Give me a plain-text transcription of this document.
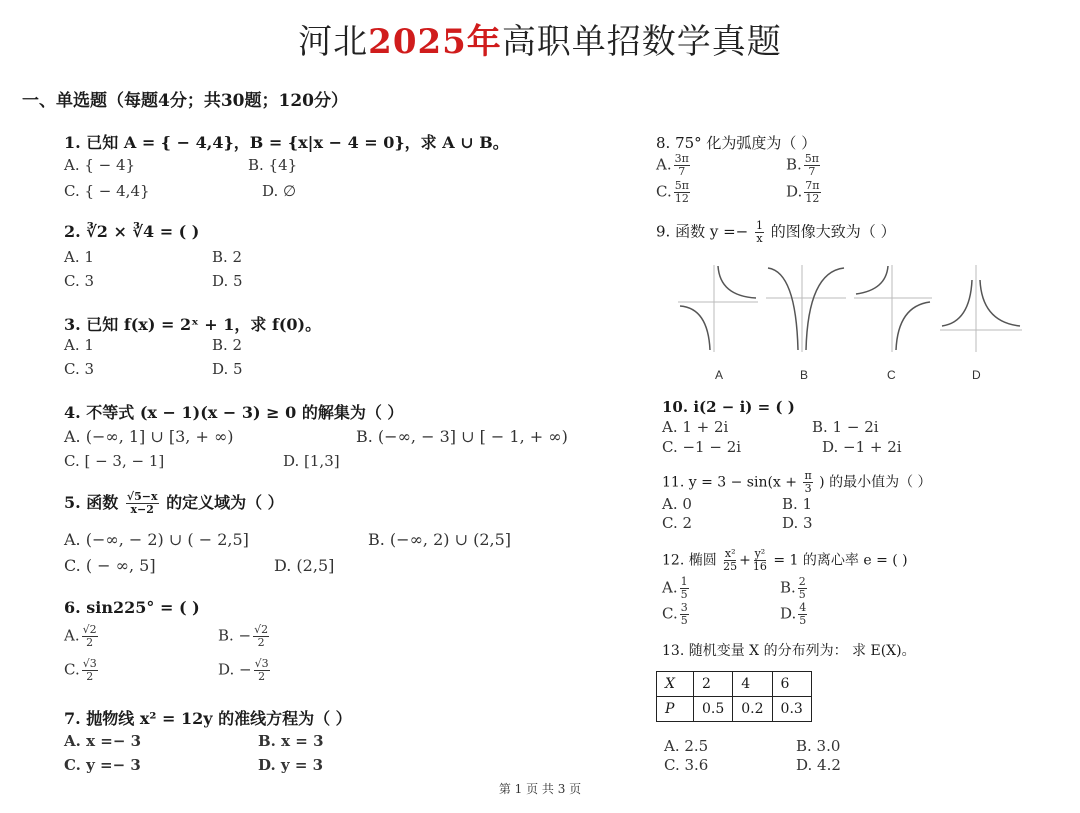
河北2025年高职单招数学真题
一、单选题（每题4分；共30题；120分）
1. 已知 A = { − 4,4}，B = {x|x − 4 = 0}，求 A ∪ B。
A. { − 4}	B. {4}
C. { − 4,4}	D. ∅
2. ∛2 × ∛4 = ( )
A. 1	B. 2
C. 3	D. 5
3. 已知 f(x) = 2ˣ + 1，求 f(0)。
A. 1	B. 2
C. 3	D. 5
4. 不等式 (x − 1)(x − 3) ≥ 0 的解集为（ ）
A. (−∞, 1] ∪ [3, + ∞)	B. (−∞, − 3] ∪ [ − 1, + ∞)
C. [ − 3, − 1]	D. [1,3]
5. 函数 $\frac{√5-x}{x-2}$ 的定义域为（ ）
A. (−∞, − 2) ∪ ( − 2,5]	B. (−∞, 2) ∪ (2,5]
C. ( − ∞, 5]	D. (2,5]
6. sin225° = ( )
A. $\frac{√2}{2}$	B. − $\frac{√2}{2}$
C. $\frac{√3}{2}$	D. − $\frac{√3}{2}$
7. 抛物线 x² = 12y 的准线方程为（ ）
A. x =− 3	B. x = 3
C. y =− 3	D. y = 3
8. 75° 化为弧度为（ ）
A. $\frac{3\pi}{7}$	B. $\frac{5\pi}{7}$
C. $\frac{5\pi}{12}$	D. $\frac{7\pi}{12}$
9. 函数 $y =- \frac{1}{x}$ 的图像大致为（ ）
A	B	C	D
10. i(2 − i) = ( )
A. 1 + 2i	B. 1 − 2i
C. −1 − 2i	D. −1 + 2i
11. $y = 3 - \sin(x + \frac{\pi}{3}$ ) 的最小值为（ ）
A. 0	B. 1
C. 2	D. 3
12. 椭圆 $\frac{\text{x²}}{25} + \frac{\text{y²}}{16} = 1$ 的离心率 e = ( )
A. $\frac{1}{5}$	B. $\frac{2}{5}$
C. $\frac{3}{5}$	D. $\frac{4}{5}$
13. 随机变量 X 的分布列为： 求 E(X)。
X	2	4	6
P	0.5	0.2	0.3
A. 2.5	B. 3.0
C. 3.6	D. 4.2
第 1 页 共 3 页
